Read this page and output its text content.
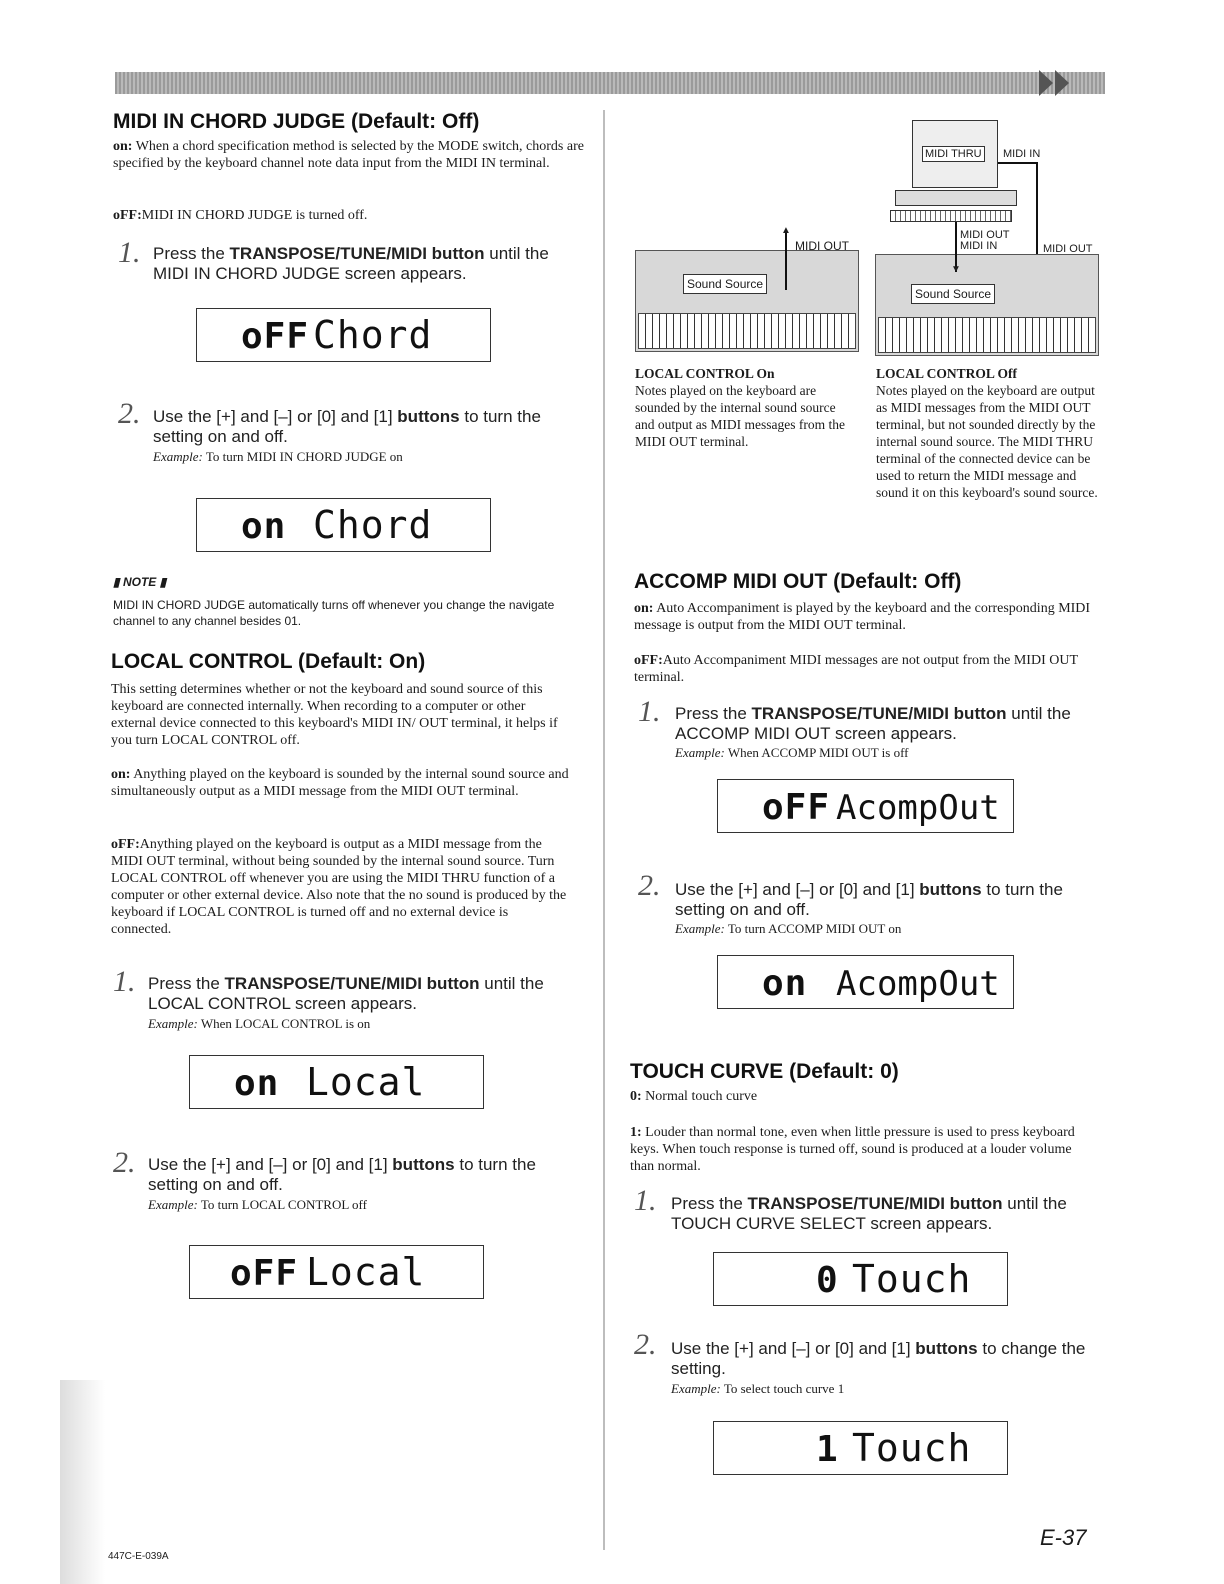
MIDI IN CHORD JUDGE (Default: Off)
on: When a chord specification method is selected by the MODE switch, chords are specified by the keyboard channel note data input from the MIDI IN terminal.
oFF:MIDI IN CHORD JUDGE is turned off.
1. Press the TRANSPOSE/TUNE/MIDI button until the MIDI IN CHORD JUDGE screen appears.
oFF Chord
2. Use the [+] and [–] or [0] and [1] buttons to turn the setting on and off.
Example: To turn MIDI IN CHORD JUDGE on
on Chord
▮ NOTE ▮
MIDI IN CHORD JUDGE automatically turns off whenever you change the navigate channel to any channel besides 01.
LOCAL CONTROL (Default: On)
This setting determines whether or not the keyboard and sound source of this keyboard are connected internally. When recording to a computer or other external device connected to this keyboard's MIDI IN/ OUT terminal, it helps if you turn LOCAL CONTROL off.
on: Anything played on the keyboard is sounded by the internal sound source and simultaneously output as a MIDI message from the MIDI OUT terminal.
oFF:Anything played on the keyboard is output as a MIDI message from the MIDI OUT terminal, without being sounded by the internal sound source. Turn LOCAL CONTROL off whenever you are using the MIDI THRU function of a computer or other external device. Also note that the no sound is produced by the keyboard if LOCAL CONTROL is turned off and no external device is connected.
1. Press the TRANSPOSE/TUNE/MIDI button until the LOCAL CONTROL screen appears.
Example: When LOCAL CONTROL is on
on Local
2. Use the [+] and [–] or [0] and [1] buttons to turn the setting on and off.
Example: To turn LOCAL CONTROL off
oFF Local
Sound Source
▲
MIDI OUT
MIDI THRU MIDI IN
Sound Source
▼
MIDI OUT
MIDI IN	MIDI OUT
LOCAL CONTROL On
Notes played on the keyboard are sounded by the internal sound source and output as MIDI messages from the MIDI OUT terminal.
LOCAL CONTROL Off
Notes played on the keyboard are output as MIDI messages from the MIDI OUT terminal, but not sounded directly by the internal sound source. The MIDI THRU terminal of the connected device can be used to return the MIDI message and sound it on this keyboard's sound source.
ACCOMP MIDI OUT (Default: Off)
on: Auto Accompaniment is played by the keyboard and the corresponding MIDI message is output from the MIDI OUT terminal.
oFF:Auto Accompaniment MIDI messages are not output from the MIDI OUT terminal.
1. Press the TRANSPOSE/TUNE/MIDI button until the ACCOMP MIDI OUT screen appears.
Example: When ACCOMP MIDI OUT is off
oFF AcompOut
2. Use the [+] and [–] or [0] and [1] buttons to turn the setting on and off.
Example: To turn ACCOMP MIDI OUT on
on AcompOut
TOUCH CURVE (Default: 0)
0: Normal touch curve
1: Louder than normal tone, even when little pressure is used to press keyboard keys. When touch response is turned off, sound is produced at a louder volume than normal.
1. Press the TRANSPOSE/TUNE/MIDI button until the TOUCH CURVE SELECT screen appears.
0 Touch
2. Use the [+] and [–] or [0] and [1] buttons to change the setting.
Example: To select touch curve 1
1 Touch
447C-E-039A
E-37
